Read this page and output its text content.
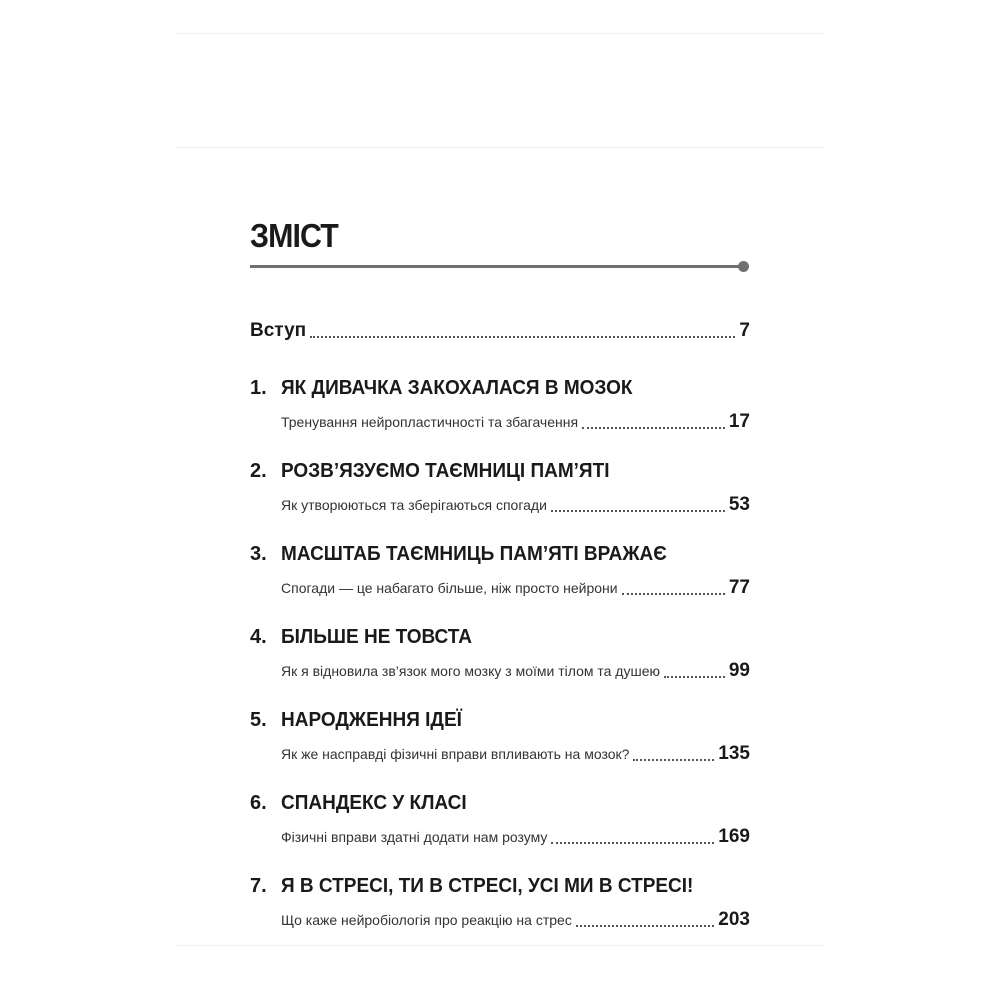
ЗМІСТ
Вступ	7
1. ЯК ДИВАЧКА ЗАКОХАЛАСЯ В МОЗОК
Тренування нейропластичності та збагачення	17
2. РОЗВ’ЯЗУЄМО ТАЄМНИЦІ ПАМ’ЯТІ
Як утворюються та зберігаються спогади	53
3. МАСШТАБ ТАЄМНИЦЬ ПАМ’ЯТІ ВРАЖАЄ
Спогади — це набагато більше, ніж просто нейрони	77
4. БІЛЬШЕ НЕ ТОВСТА
Як я відновила зв’язок мого мозку з моїми тілом та душею	99
5. НАРОДЖЕННЯ ІДЕЇ
Як же насправді фізичні вправи впливають на мозок?	135
6. СПАНДЕКС У КЛАСІ
Фізичні вправи здатні додати нам розуму	169
7. Я В СТРЕСІ, ТИ В СТРЕСІ, УСІ МИ В СТРЕСІ!
Що каже нейробіологія про реакцію на стрес	203
